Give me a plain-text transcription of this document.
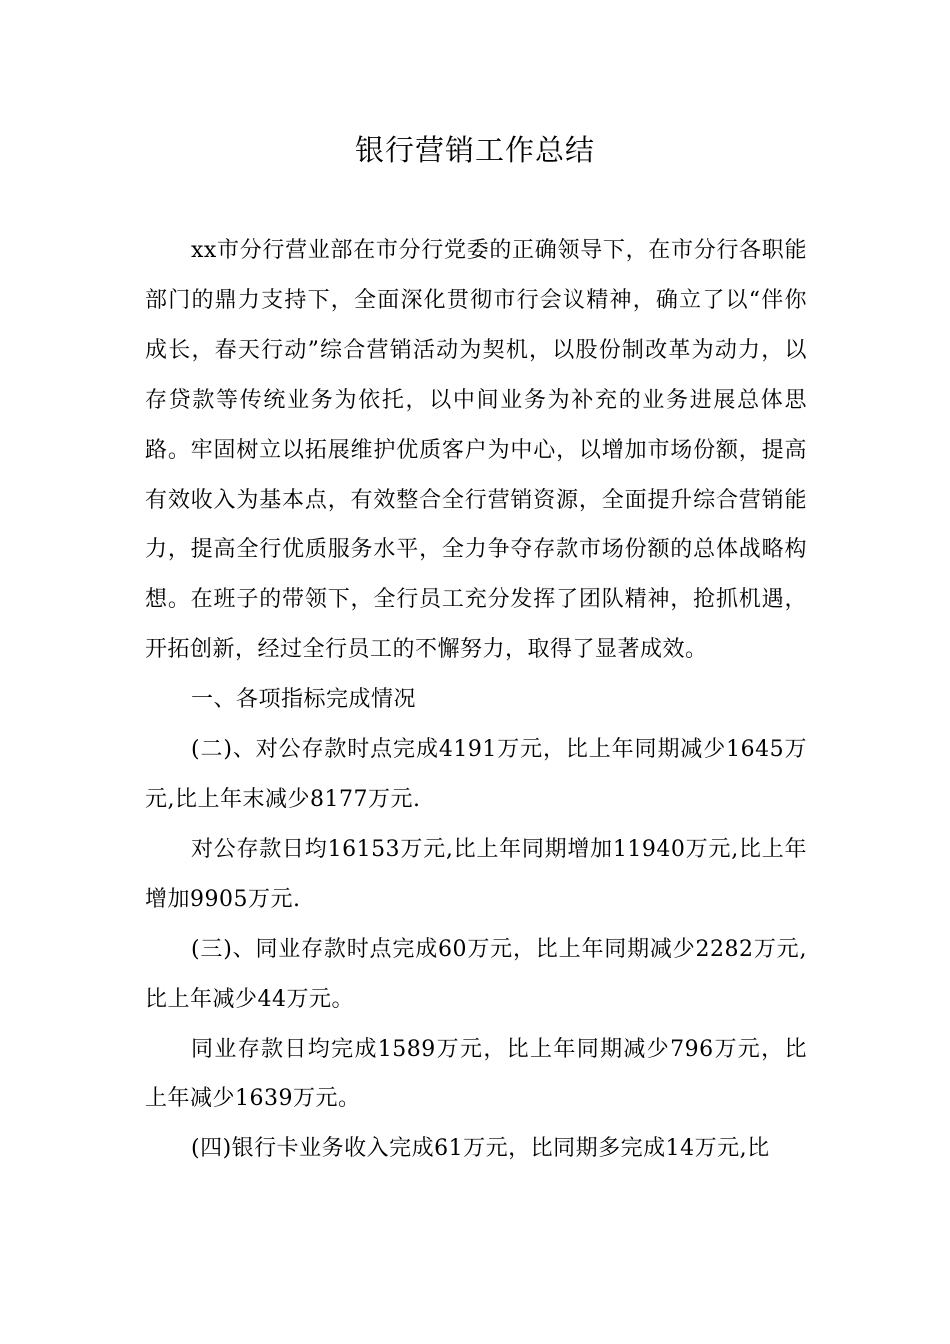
银行营销工作总结

xx市分行营业部在市分行党委的正确领导下，在市分行各职能部门的鼎力支持下，全面深化贯彻市行会议精神，确立了以“伴你成长，春天行动”综合营销活动为契机，以股份制改革为动力，以存贷款等传统业务为依托，以中间业务为补充的业务进展总体思路。牢固树立以拓展维护优质客户为中心，以增加市场份额，提高有效收入为基本点，有效整合全行营销资源，全面提升综合营销能力，提高全行优质服务水平，全力争夺存款市场份额的总体战略构想。在班子的带领下，全行员工充分发挥了团队精神，抢抓机遇，开拓创新，经过全行员工的不懈努力，取得了显著成效。

一、各项指标完成情况

(二)、对公存款时点完成4191万元，比上年同期减少1645万元,比上年末减少8177万元.

对公存款日均16153万元,比上年同期增加11940万元,比上年增加9905万元.

(三)、同业存款时点完成60万元，比上年同期减少2282万元,比上年减少44万元。

同业存款日均完成1589万元，比上年同期减少796万元，比上年减少1639万元。

(四)银行卡业务收入完成61万元，比同期多完成14万元,比
